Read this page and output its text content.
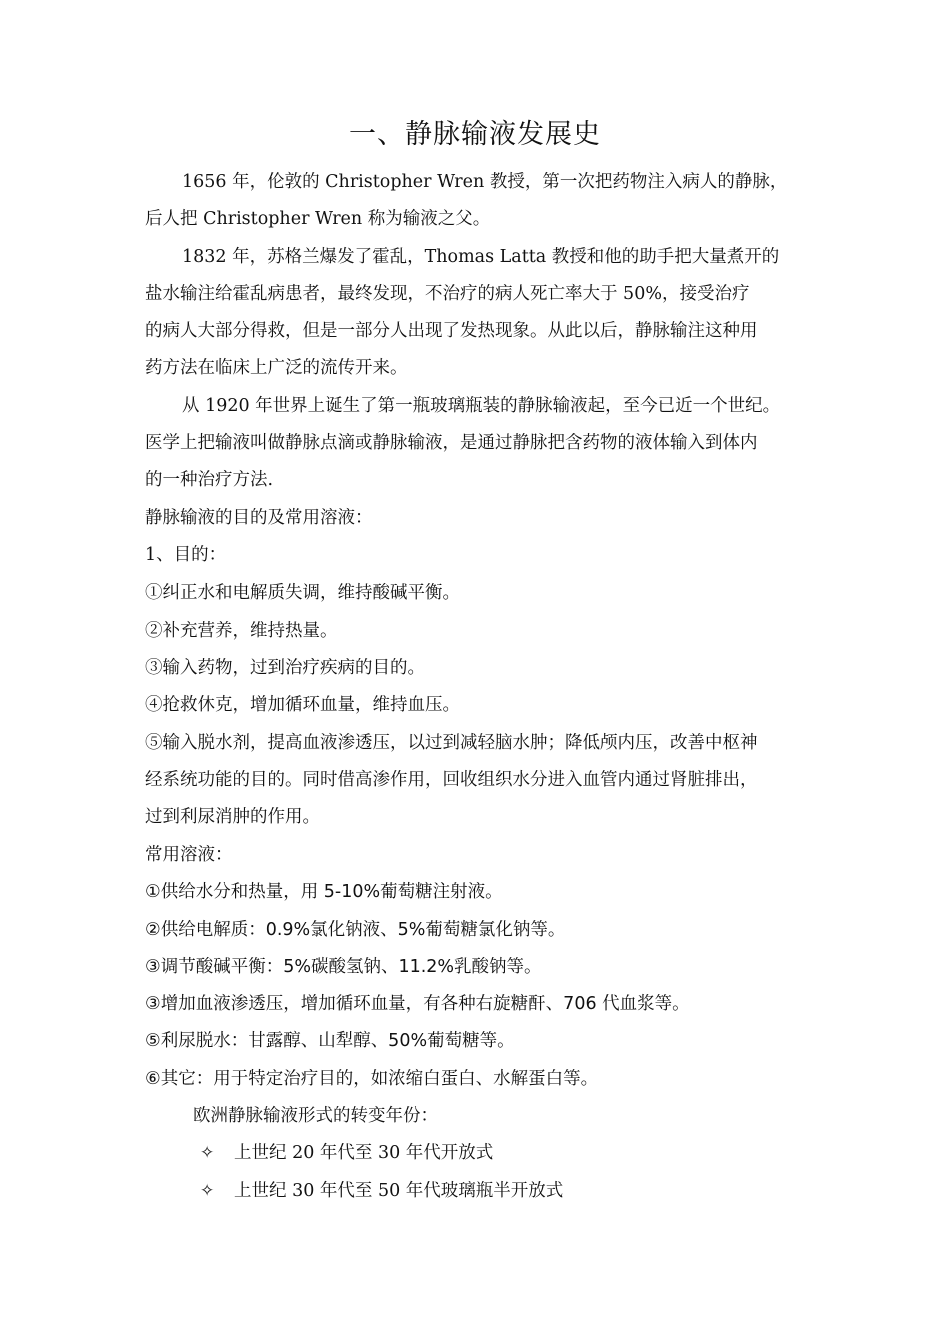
一、静脉输液发展史

1656 年，伦敦的 Christopher Wren 教授，第一次把药物注入病人的静脉，

后人把 Christopher Wren 称为输液之父。

1832 年，苏格兰爆发了霍乱，Thomas Latta 教授和他的助手把大量煮开的

盐水输注给霍乱病患者，最终发现，不治疗的病人死亡率大于 50%，接受治疗

的病人大部分得救，但是一部分人出现了发热现象。从此以后，静脉输注这种用

药方法在临床上广泛的流传开来。

从 1920 年世界上诞生了第一瓶玻璃瓶装的静脉输液起，至今已近一个世纪。

医学上把输液叫做静脉点滴或静脉输液，是通过静脉把含药物的液体输入到体内

的一种治疗方法.

静脉输液的目的及常用溶液：

1、目的：

①纠正水和电解质失调，维持酸碱平衡。

②补充营养，维持热量。

③输入药物，过到治疗疾病的目的。

④抢救休克，增加循环血量，维持血压。

⑤输入脱水剂，提高血液渗透压，以过到减轻脑水肿；降低颅内压，改善中枢神

经系统功能的目的。同时借高渗作用，回收组织水分进入血管内通过肾脏排出，

过到利尿消肿的作用。

常用溶液：

①供给水分和热量，用 5-10%葡萄糖注射液。

②供给电解质：0.9%氯化钠液、5%葡萄糖氯化钠等。

③调节酸碱平衡：5%碳酸氢钠、11.2%乳酸钠等。

③增加血液渗透压，增加循环血量，有各种右旋糖酐、706 代血浆等。

⑤利尿脱水：甘露醇、山犁醇、50%葡萄糖等。

⑥其它：用于特定治疗目的，如浓缩白蛋白、水解蛋白等。

欧洲静脉输液形式的转变年份：

✧ 上世纪 20 年代至 30 年代开放式
✧ 上世纪 30 年代至 50 年代玻璃瓶半开放式
